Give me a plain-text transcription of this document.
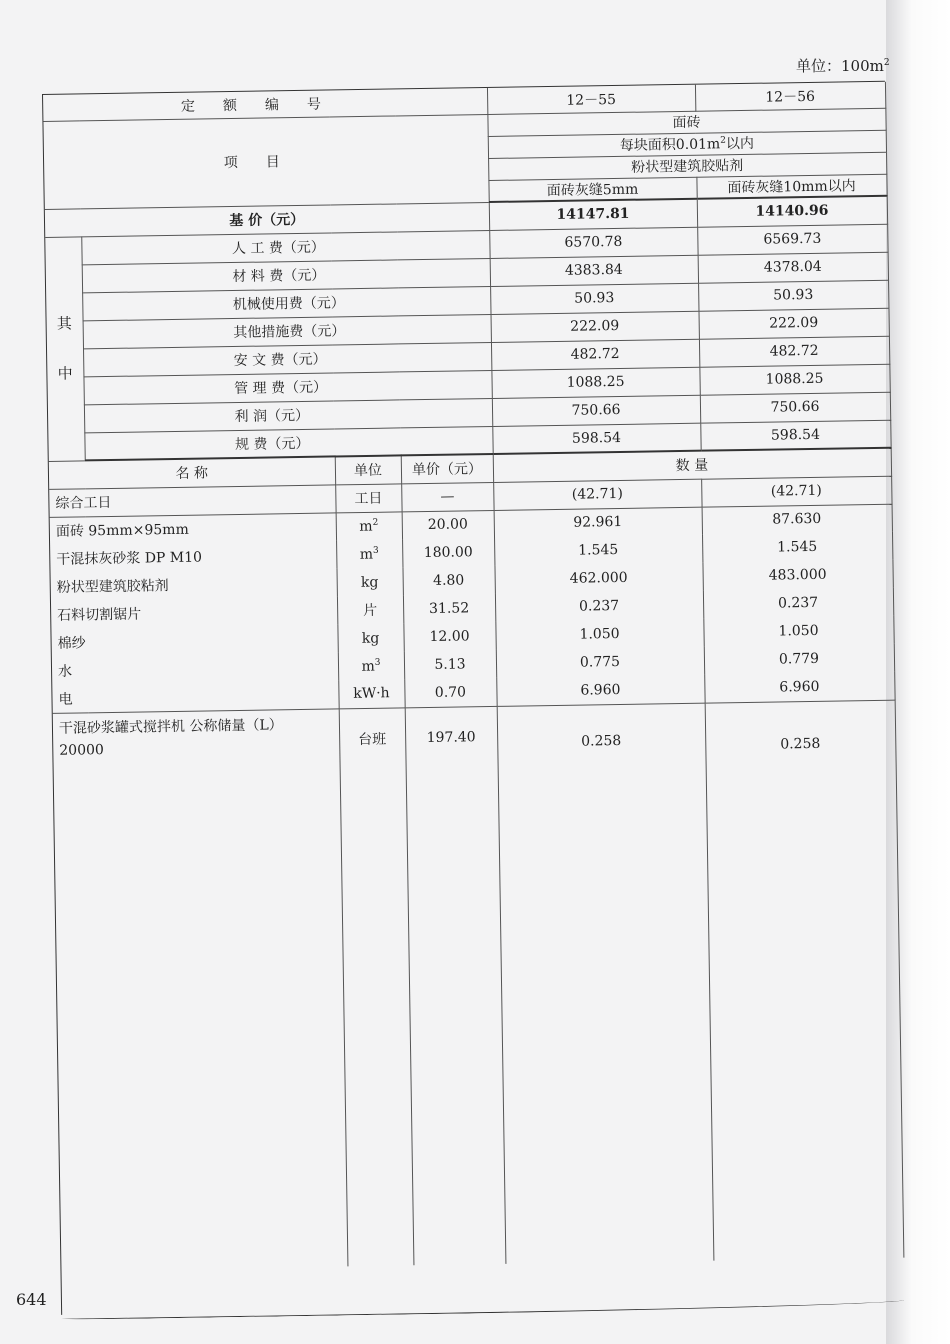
单位：$100m^2$
定额编号				12－55	12－56
项目				面砖	
				每块面积$0.01m^2$以内	
				粉状型建筑胶贴剂	
				面砖灰缝5mm	面砖灰缝10mm以内
基 价（元）				14147.81	14140.96
其
中	人 工 费（元）			6570.78	6569.73
	材 料 费（元）			4383.84	4378.04
	机械使用费（元）			50.93	50.93
	其他措施费（元）			222.09	222.09
	安 文 费（元）			482.72	482.72
	管 理 费（元）			1088.25	1088.25
	利 润（元）			750.66	750.66
	规 费（元）			598.54	598.54
名 称		单位	单价（元）	数 量	
综合工日		工日	—	(42.71)	(42.71)
面砖 95mm×95mm		$m^2$	20.00	92.961	87.630
干混抹灰砂浆 DP M10		$m^3$	180.00	1.545	1.545
粉状型建筑胶粘剂		kg	4.80	462.000	483.000
石料切割锯片		片	31.52	0.237	0.237
棉纱		kg	12.00	1.050	1.050
水		$m^3$	5.13	0.775	0.779
电		kW·h	0.70	6.960	6.960
干混砂浆罐式搅拌机 公称储量（L）
20000		台班	197.40	0.258	0.258
644
